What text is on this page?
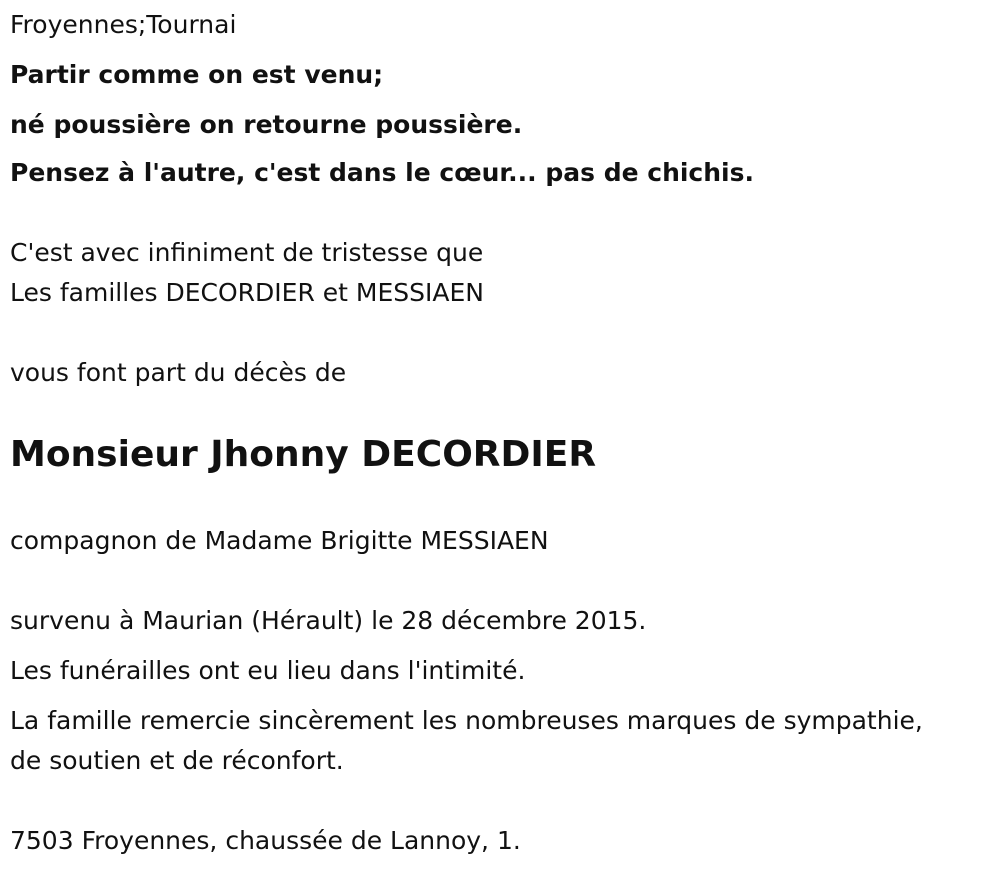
Froyennes;Tournai
Partir comme on est venu;
né poussière on retourne poussière.
Pensez à l'autre, c'est dans le cœur... pas de chichis.
C'est avec infiniment de tristesse que
Les familles DECORDIER et MESSIAEN
vous font part du décès de
Monsieur Jhonny DECORDIER
compagnon de Madame Brigitte MESSIAEN
survenu à Maurian (Hérault) le 28 décembre 2015.
Les funérailles ont eu lieu dans l'intimité.
La famille remercie sincèrement les nombreuses marques de sympathie,
de soutien et de réconfort.
7503 Froyennes, chaussée de Lannoy, 1.
